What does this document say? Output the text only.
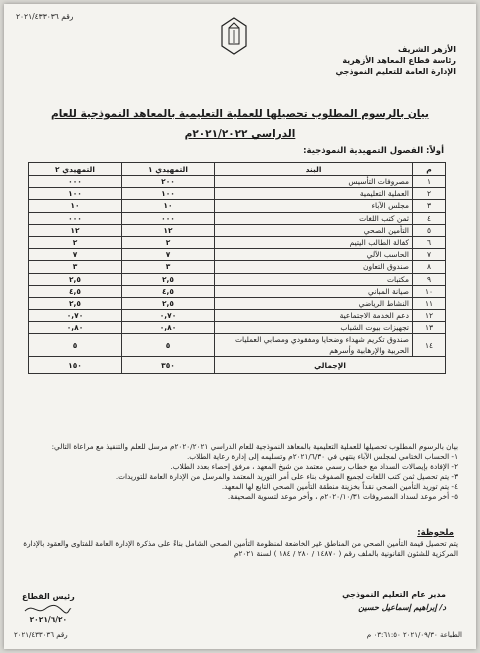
رقم ٢٠٢١/٤٣٣٠٣٦
الأزهر الشريف
رئاسة قطاع المعاهد الأزهرية
الإدارة العامة للتعليم النموذجي
بيان بالرسوم المطلوب تحصيلها للعملية التعليمية بالمعاهد النموذجية للعام
الدراسي ٢٠٢١/٢٠٢٢م
أولاً: الفصول التمهيدية النموذجية:
م	البند	التمهيدي ١	التمهيدي ٢
١	مصروفات التأسيس	٢٠٠	٠٠٠
٢	العملية التعليمية	١٠٠	١٠٠
٣	مجلس الآباء	١٠	١٠
٤	ثمن كتب اللغات	٠٠٠	٠٠٠
٥	التأمين الصحي	١٢	١٢
٦	كفالة الطالب اليتيم	٢	٢
٧	الحاسب الآلي	٧	٧
٨	صندوق التعاون	٣	٣
٩	مكتبات	٢,٥	٢,٥
١٠	صيانة المباني	٤,٥	٤,٥
١١	النشاط الرياضي	٢,٥	٢,٥
١٢	دعم الخدمة الاجتماعية	٠,٧٠	٠,٧٠
١٣	تجهيزات بيوت الشباب	٠,٨٠	٠,٨٠
١٤	صندوق تكريم شهداء وضحايا ومفقودي ومصابي العمليات الحربية والإرهابية وأسرهم	٥	٥
الإجمالي		٣٥٠	١٥٠

بيان بالرسوم المطلوب تحصيلها للعملية التعليمية بالمعاهد النموذجية للعام الدراسي ٢٠٢٠/٢٠٢١م مرسل للعلم والتنفيذ مع مراعاة التالي:

١- الحساب الختامي لمجلس الآباء ينتهي في ٢٠٢١/٦/٣٠م وتسليمه إلى إدارة رعاية الطلاب.

٢- الإفادة بإيصالات السداد مع خطاب رسمي معتمد من شيخ المعهد ، مرفق إحصاء بعدد الطلاب.

٣- يتم تحصيل ثمن كتب اللغات لجميع الصفوف بناء على أمر التوريد المعتمد والمرسل من الإدارة العامة للتوريدات.

٤- يتم توريد التأمين الصحي نقداً بخزينة منطقة التأمين الصحي التابع لها المعهد.

٥- أخر موعد لسداد المصروفات ٢٠٢٠/١٠/٣١م ، وأخر موعد لتسوية الصحيفة.

ملحوظة:

يتم تحصيل قيمة التأمين الصحي من المناطق غير الخاضعة لمنظومة التأمين الصحي الشامل بناءً على مذكرة الإدارة العامة للفتاوى والعقود بالإدارة المركزية للشئون القانونية بالملف رقم ( ١٤٨٧٠ / ٢٨٠ / ١٨٤ ) لسنة ٢٠٢١م

مدير عام التعليم النموذجي
د/ إبراهيم إسماعيل حسين
رئيس القطاع
٢٠٢١/٦/٢٠
الطباعة ٢٠٢١/٠٩/٣٠ ٠٣:٦١:٥٠ م
رقم ٢٠٢١/٤٣٣٠٣٦
